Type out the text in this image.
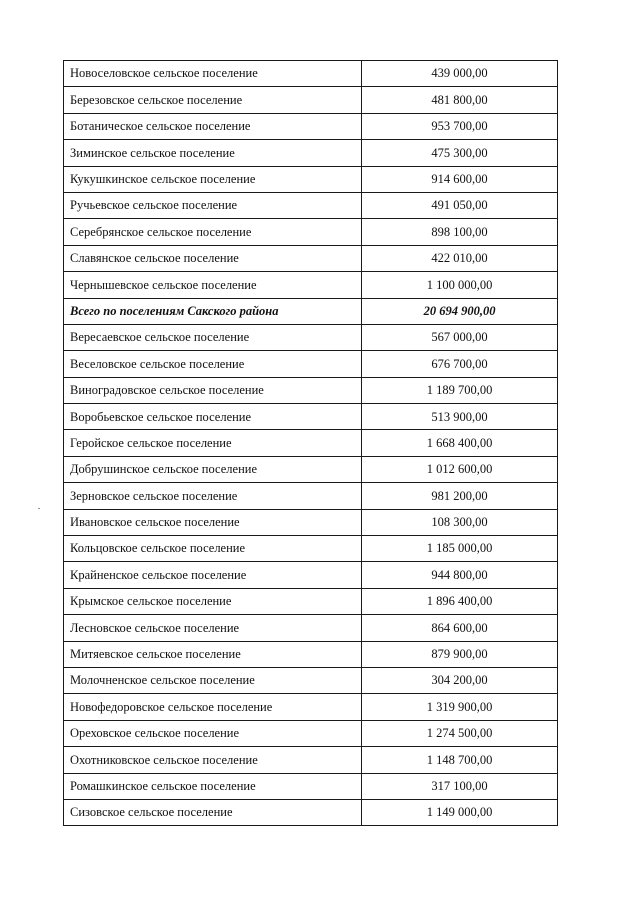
Новоселовское сельское поселение	439 000,00
Березовское сельское поселение	481 800,00
Ботаническое сельское поселение	953 700,00
Зиминское сельское поселение	475 300,00
Кукушкинское сельское поселение	914 600,00
Ручьевское сельское поселение	491 050,00
Серебрянское сельское поселение	898 100,00
Славянское сельское поселение	422 010,00
Чернышевское сельское поселение	1 100 000,00
Всего по поселениям Сакского района	20 694 900,00
Вересаевское сельское поселение	567 000,00
Веселовское сельское поселение	676 700,00
Виноградовское сельское поселение	1 189 700,00
Воробьевское сельское поселение	513 900,00
Геройское сельское поселение	1 668 400,00
Добрушинское сельское поселение	1 012 600,00
Зерновское сельское поселение	981 200,00
Ивановское сельское поселение	108 300,00
Кольцовское сельское поселение	1 185 000,00
Крайненское сельское поселение	944 800,00
Крымское сельское поселение	1 896 400,00
Лесновское сельское поселение	864 600,00
Митяевское сельское поселение	879 900,00
Молочненское сельское поселение	304 200,00
Новофедоровское сельское поселение	1 319 900,00
Ореховское сельское поселение	1 274 500,00
Охотниковское сельское поселение	1 148 700,00
Ромашкинское сельское поселение	317 100,00
Сизовское сельское поселение	1 149 000,00
